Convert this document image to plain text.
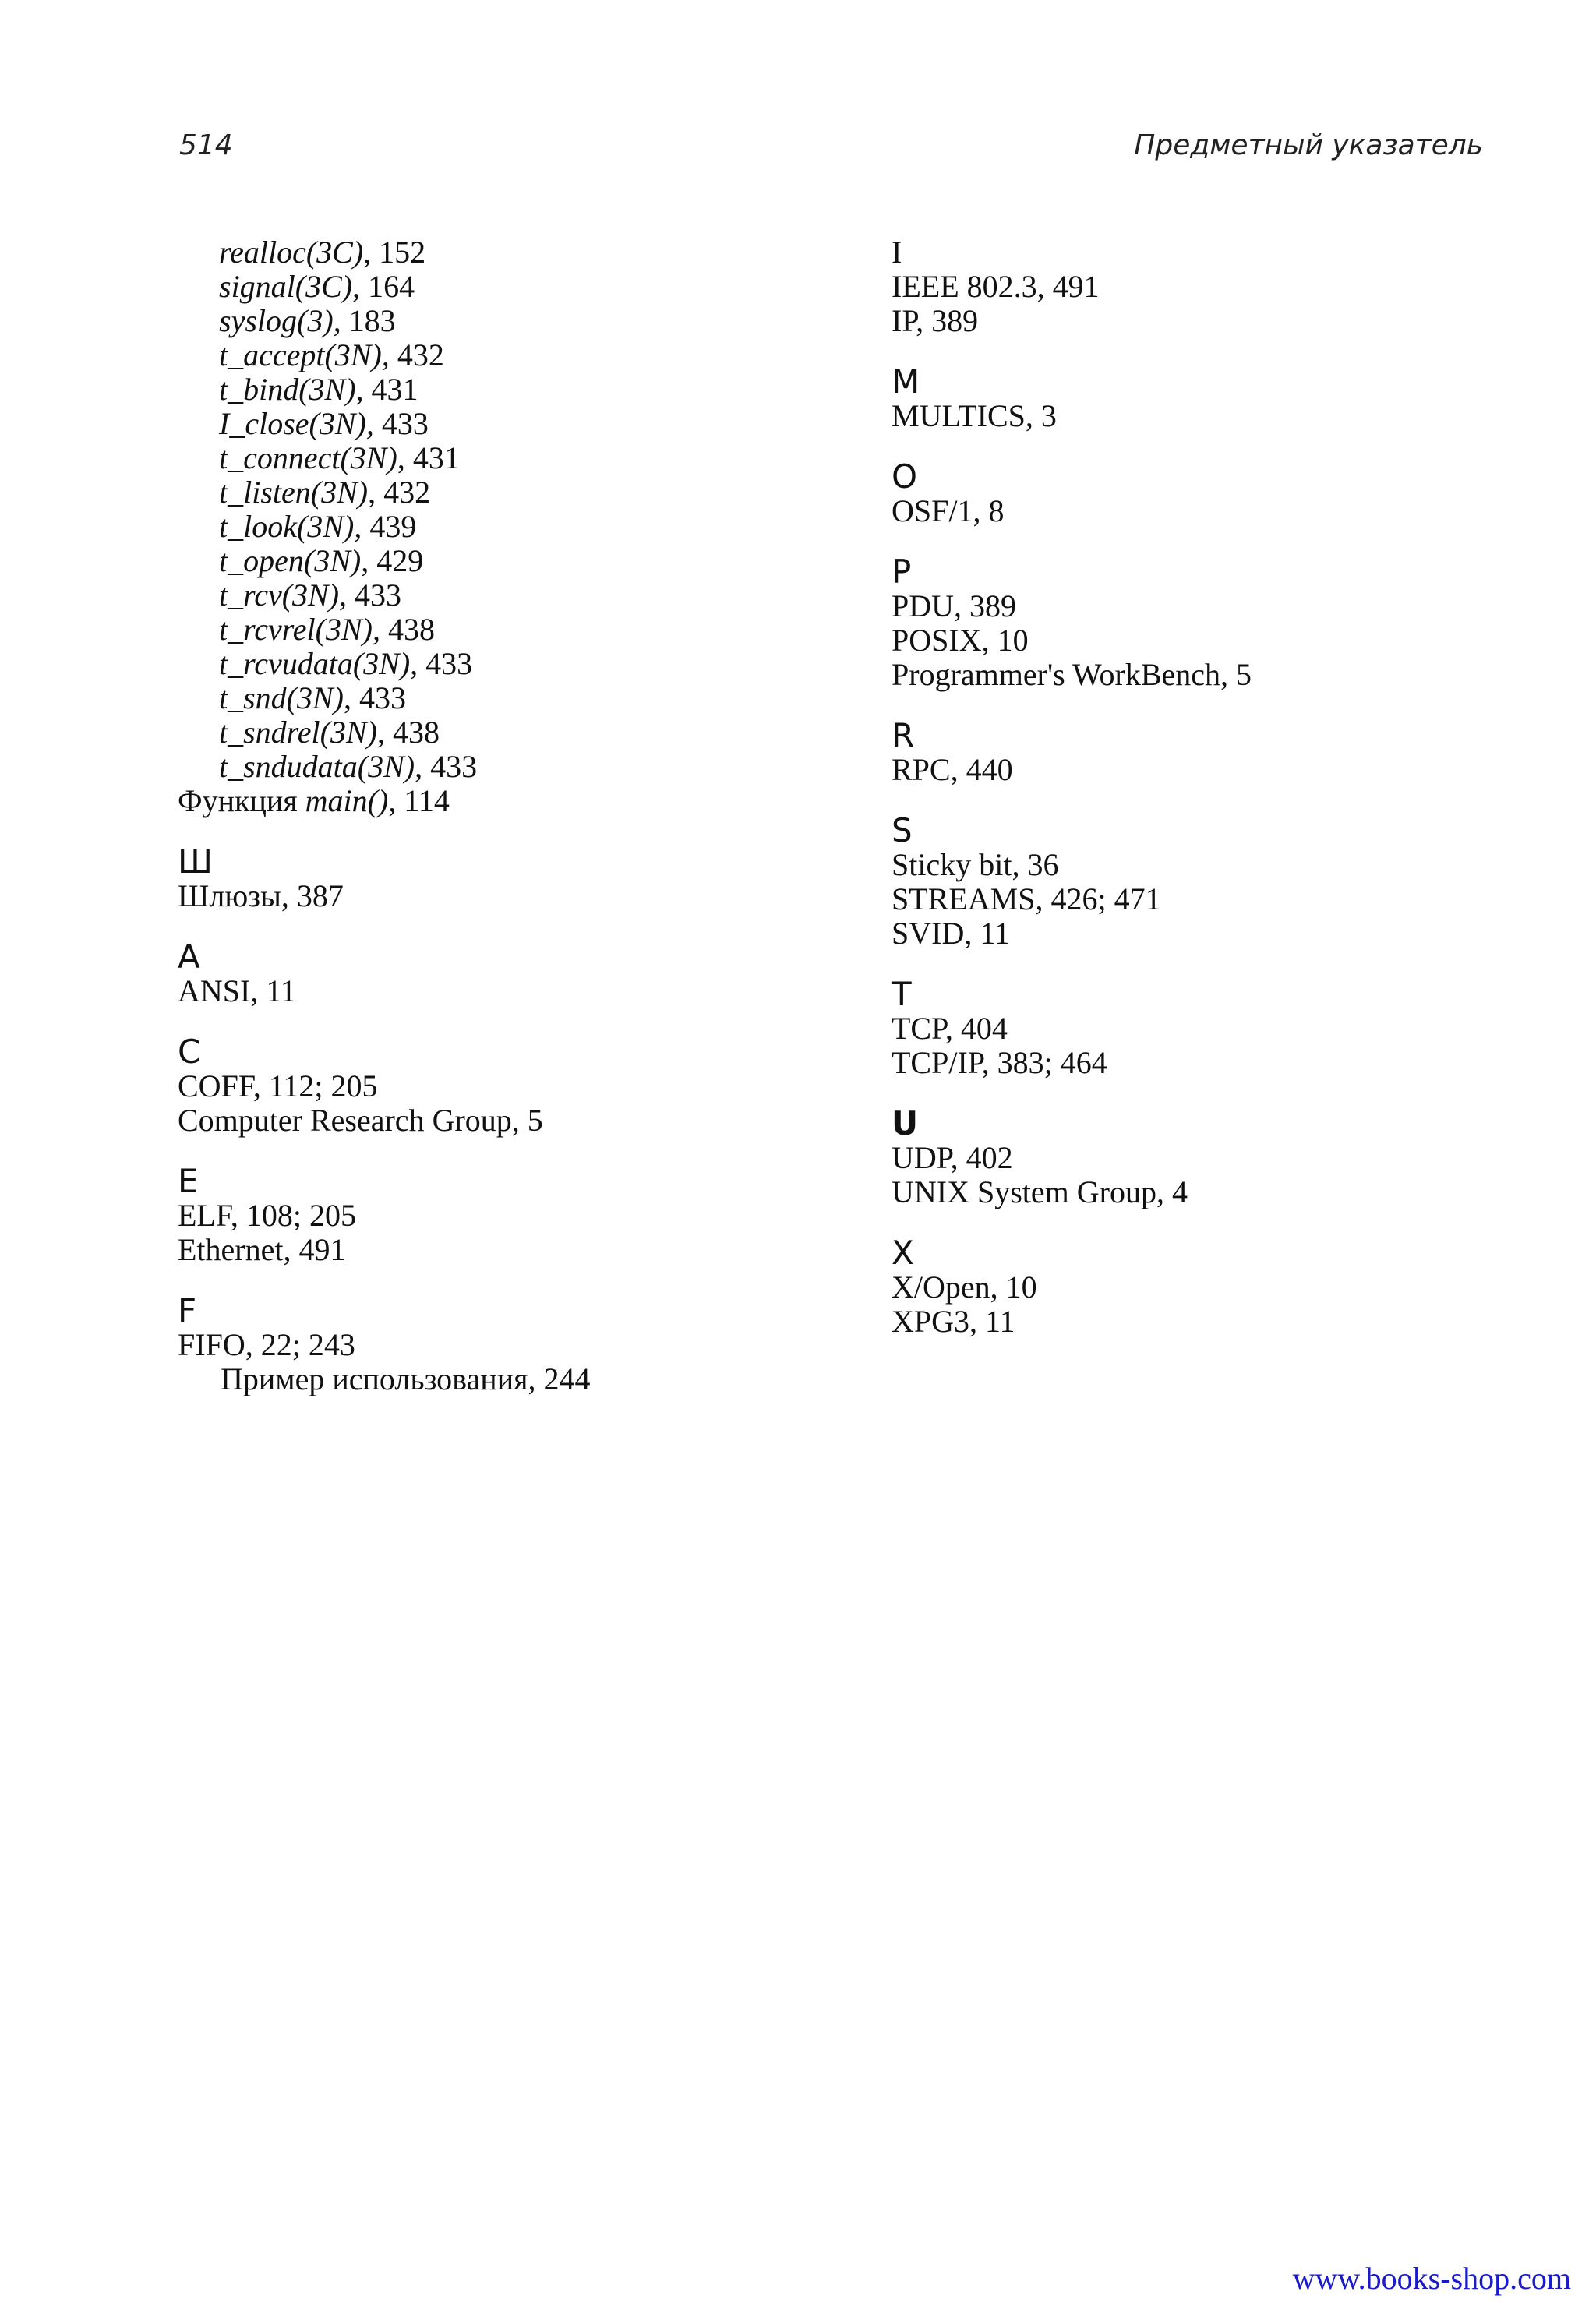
514	Предметный указатель
realloc(3C), 152
signal(3C), 164
syslog(3), 183
t_accept(3N), 432
t_bind(3N), 431
I_close(3N), 433
t_connect(3N), 431
t_listen(3N), 432
t_look(3N), 439
t_open(3N), 429
t_rcv(3N), 433
t_rcvrel(3N), 438
t_rcvudata(3N), 433
t_snd(3N), 433
t_sndrel(3N), 438
t_sndudata(3N), 433
Функция main(), 114
Ш
Шлюзы, 387
A
ANSI, 11
C
COFF, 112; 205
Computer Research Group, 5
E
ELF, 108; 205
Ethernet, 491
F
FIFO, 22; 243
Пример использования, 244
I
IEEE 802.3, 491
IP, 389
M
MULTICS, 3
O
OSF/1, 8
P
PDU, 389
POSIX, 10
Programmer's WorkBench, 5
R
RPC, 440
S
Sticky bit, 36
STREAMS, 426; 471
SVID, 11
T
TCP, 404
TCP/IP, 383; 464
U
UDP, 402
UNIX System Group, 4
X
X/Open, 10
XPG3, 11
www.books-shop.com
